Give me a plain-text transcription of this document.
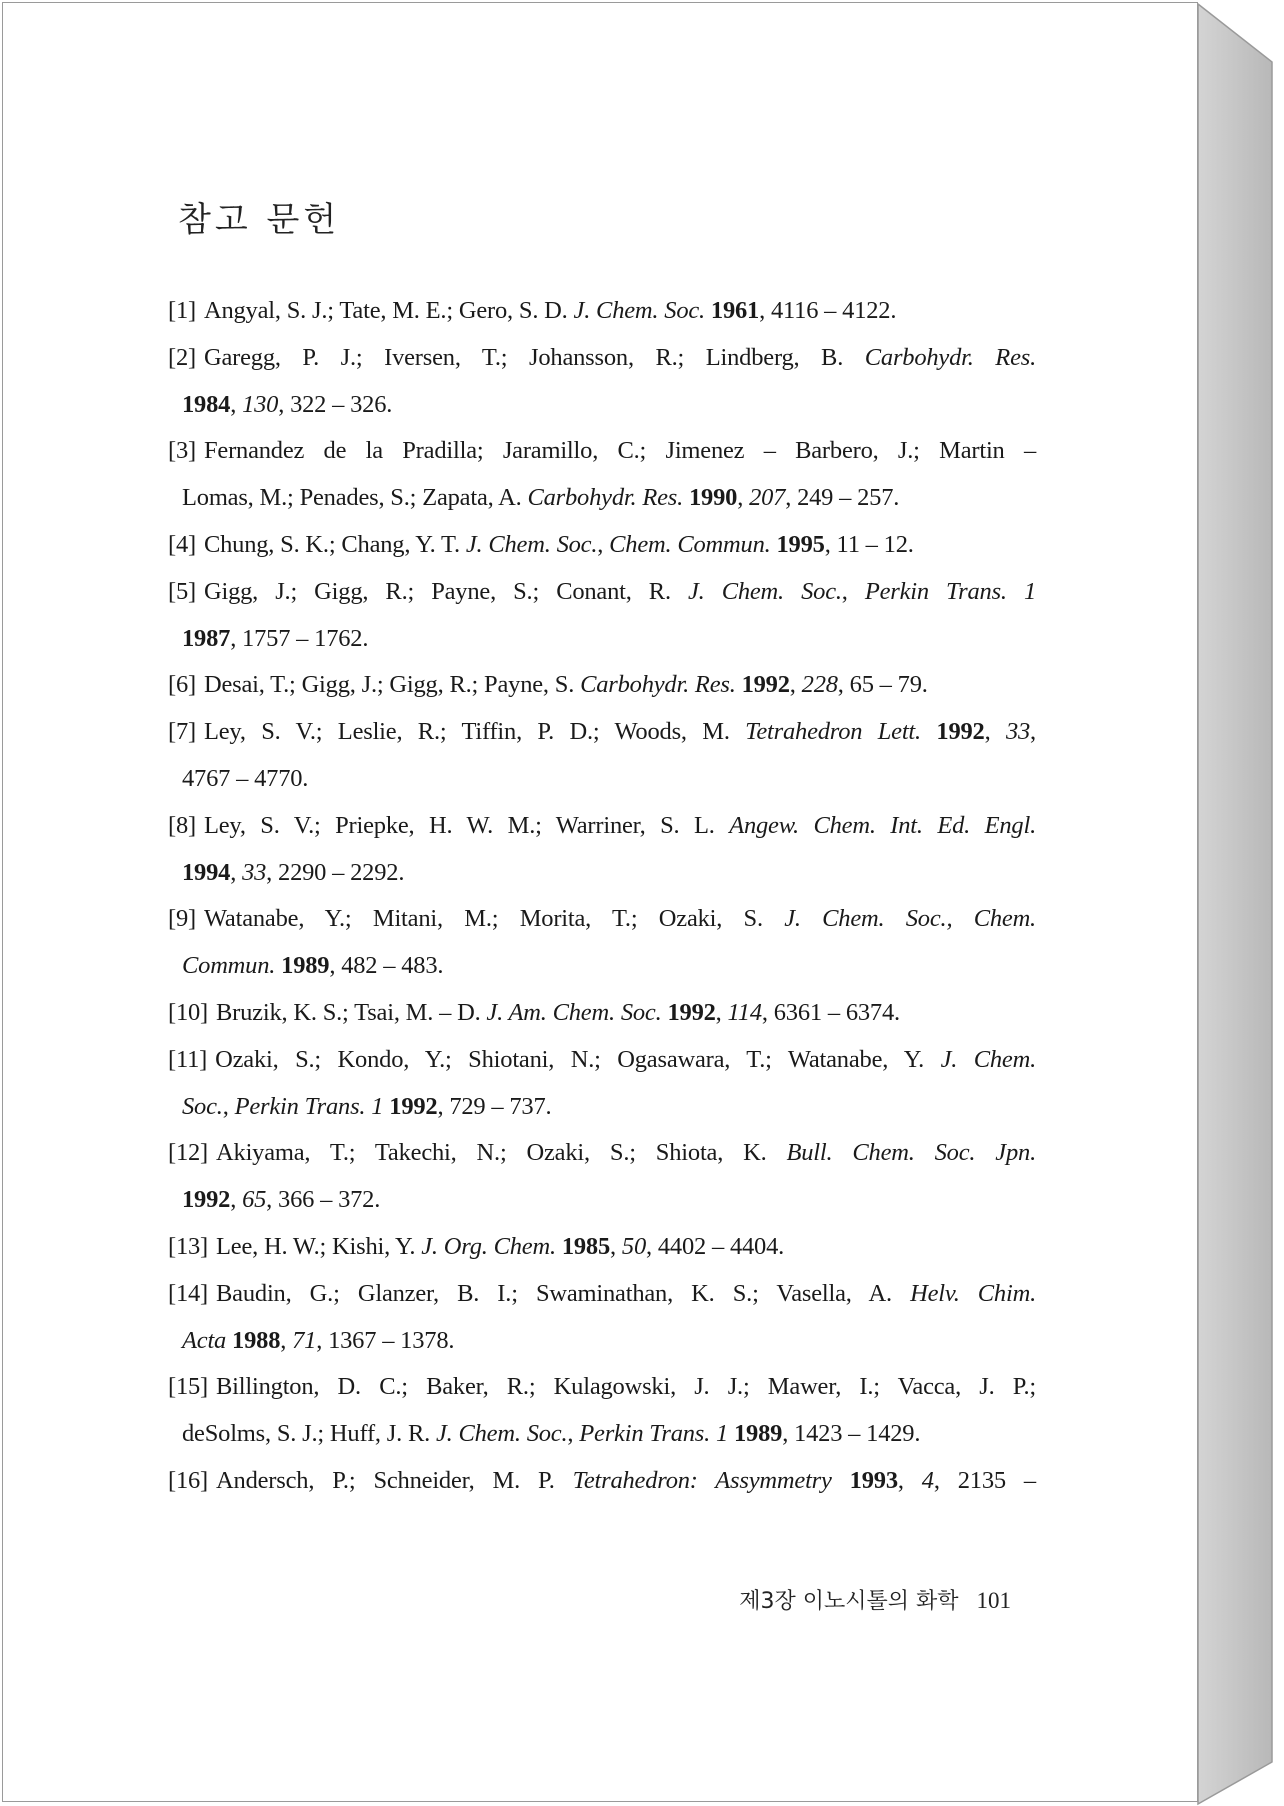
참고 문헌
[1] Angyal, S. J.; Tate, M. E.; Gero, S. D. J. Chem. Soc. 1961, 4116 – 4122.
[2] Garegg, P. J.; Iversen, T.; Johansson, R.; Lindberg, B. Carbohydr. Res.
1984, 130, 322 – 326.
[3] Fernandez de la Pradilla; Jaramillo, C.; Jimenez – Barbero, J.; Martin –
Lomas, M.; Penades, S.; Zapata, A. Carbohydr. Res. 1990, 207, 249 – 257.
[4] Chung, S. K.; Chang, Y. T. J. Chem. Soc., Chem. Commun. 1995, 11 – 12.
[5] Gigg, J.; Gigg, R.; Payne, S.; Conant, R. J. Chem. Soc., Perkin Trans. 1
1987, 1757 – 1762.
[6] Desai, T.; Gigg, J.; Gigg, R.; Payne, S. Carbohydr. Res. 1992, 228, 65 – 79.
[7] Ley, S. V.; Leslie, R.; Tiffin, P. D.; Woods, M. Tetrahedron Lett. 1992, 33,
4767 – 4770.
[8] Ley, S. V.; Priepke, H. W. M.; Warriner, S. L. Angew. Chem. Int. Ed. Engl.
1994, 33, 2290 – 2292.
[9] Watanabe, Y.; Mitani, M.; Morita, T.; Ozaki, S. J. Chem. Soc., Chem.
Commun. 1989, 482 – 483.
[10] Bruzik, K. S.; Tsai, M. – D. J. Am. Chem. Soc. 1992, 114, 6361 – 6374.
[11] Ozaki, S.; Kondo, Y.; Shiotani, N.; Ogasawara, T.; Watanabe, Y. J. Chem.
Soc., Perkin Trans. 1 1992, 729 – 737.
[12] Akiyama, T.; Takechi, N.; Ozaki, S.; Shiota, K. Bull. Chem. Soc. Jpn.
1992, 65, 366 – 372.
[13] Lee, H. W.; Kishi, Y. J. Org. Chem. 1985, 50, 4402 – 4404.
[14] Baudin, G.; Glanzer, B. I.; Swaminathan, K. S.; Vasella, A. Helv. Chim.
Acta 1988, 71, 1367 – 1378.
[15] Billington, D. C.; Baker, R.; Kulagowski, J. J.; Mawer, I.; Vacca, J. P.;
deSolms, S. J.; Huff, J. R. J. Chem. Soc., Perkin Trans. 1 1989, 1423 – 1429.
[16] Andersch, P.; Schneider, M. P. Tetrahedron: Assymmetry 1993, 4, 2135 –
제3장 이노시톨의 화학 101
